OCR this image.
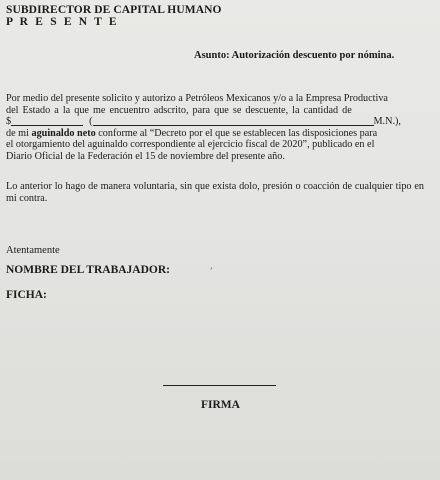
SUBDIRECTOR DE CAPITAL HUMANO
P R E S E N T E
Asunto: Autorización descuento por nómina.
Por medio del presente solicito y autorizo a Petróleos Mexicanos y/o a la Empresa Productiva
del Estado a la que me encuentro adscrito, para que se descuente, la cantidad de
$	(	M.N.),
de mi aguinaldo neto conforme al “Decreto por el que se establecen las disposiciones para
el otorgamiento del aguinaldo correspondiente al ejercicio fiscal de 2020”, publicado en el
Diario Oficial de la Federación el 15 de noviembre del presente año.
Lo anterior lo hago de manera voluntaria, sin que exista dolo, presión o coacción de cualquier tipo en mi contra.
Atentamente
NOMBRE DEL TRABAJADOR:	ʼ
FICHA:
FIRMA
